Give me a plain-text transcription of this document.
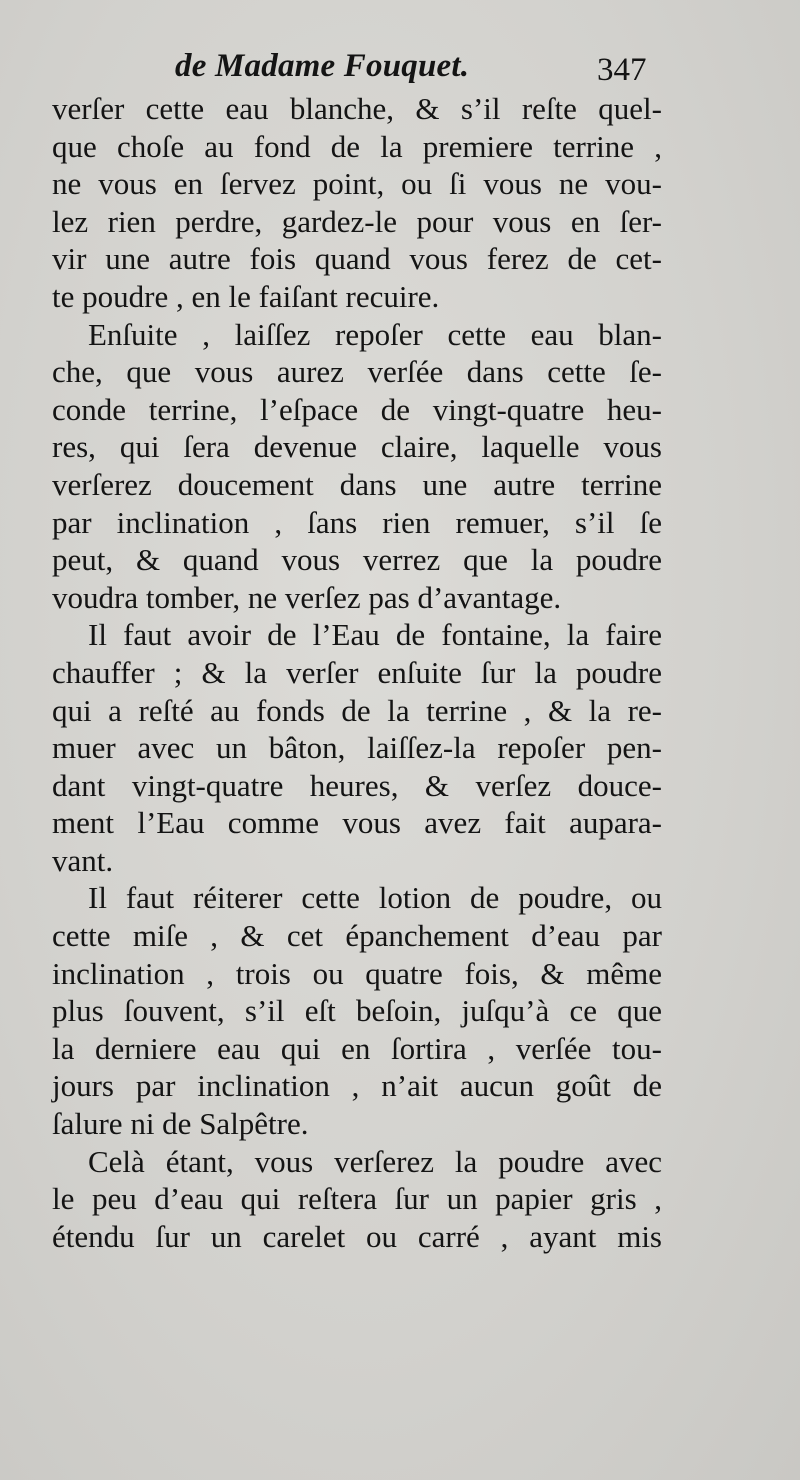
de Madame Fouquet.	347
verſer cette eau blanche, & s’il reſte quel-
que choſe au fond de la premiere terrine ,
ne vous en ſervez point, ou ſi vous ne vou-
lez rien perdre, gardez-le pour vous en ſer-
vir une autre fois quand vous ferez de cet-
te poudre , en le faiſant recuire.
Enſuite , laiſſez repoſer cette eau blan-
che, que vous aurez verſée dans cette ſe-
conde terrine, l’eſpace de vingt-quatre heu-
res, qui ſera devenue claire, laquelle vous
verſerez doucement dans une autre terrine
par inclination , ſans rien remuer, s’il ſe
peut, & quand vous verrez que la poudre
voudra tomber, ne verſez pas d’avantage.
Il faut avoir de l’Eau de fontaine, la faire
chauffer ; & la verſer enſuite ſur la poudre
qui a reſté au fonds de la terrine , & la re-
muer avec un bâton, laiſſez-la repoſer pen-
dant vingt-quatre heures, & verſez douce-
ment l’Eau comme vous avez fait aupara-
vant.
Il faut réiterer cette lotion de poudre, ou
cette miſe , & cet épanchement d’eau par
inclination , trois ou quatre fois, & même
plus ſouvent, s’il eſt beſoin, juſqu’à ce que
la derniere eau qui en ſortira , verſée tou-
jours par inclination , n’ait aucun goût de
ſalure ni de Salpêtre.
Celà étant, vous verſerez la poudre avec
le peu d’eau qui reſtera ſur un papier gris ,
étendu ſur un carelet ou carré , ayant mis
